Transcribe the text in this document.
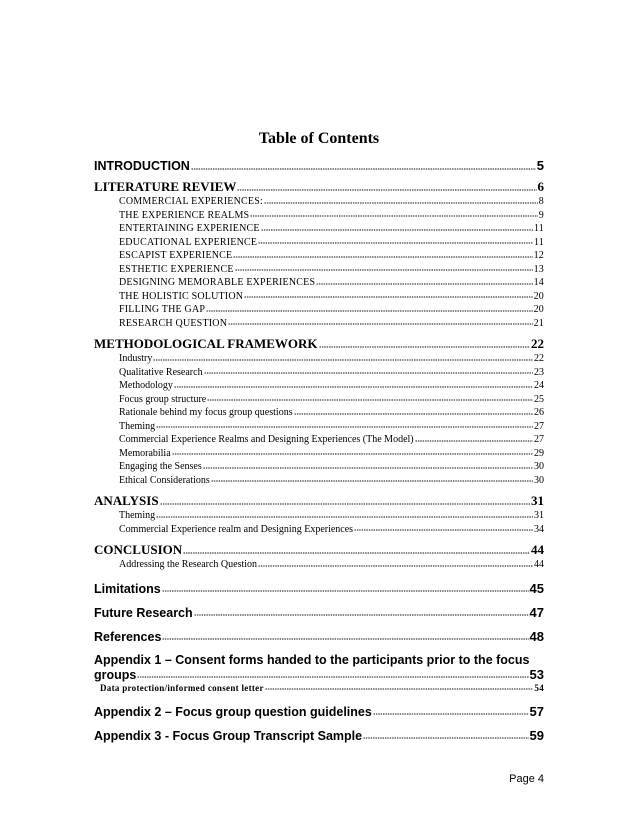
Table of Contents
INTRODUCTION	5
LITERATURE REVIEW	6
COMMERCIAL EXPERIENCES:	8
THE EXPERIENCE REALMS	9
ENTERTAINING EXPERIENCE	11
EDUCATIONAL EXPERIENCE	11
ESCAPIST EXPERIENCE	12
ESTHETIC EXPERIENCE	13
DESIGNING MEMORABLE EXPERIENCES	14
THE HOLISTIC SOLUTION	20
FILLING THE GAP	20
RESEARCH QUESTION	21
METHODOLOGICAL FRAMEWORK	22
Industry	22
Qualitative Research	23
Methodology	24
Focus group structure	25
Rationale behind my focus group questions	26
Theming	27
Commercial Experience Realms and Designing Experiences (The Model)	27
Memorabilia	29
Engaging the Senses	30
Ethical Considerations	30
ANALYSIS	31
Theming	31
Commercial Experience realm and Designing Experiences	34
CONCLUSION	44
Addressing the Research Question	44
Limitations	45
Future Research	47
References	48
Appendix 1 – Consent forms handed to the participants prior to the focus
groups	53
Data protection/informed consent letter	54
Appendix 2 – Focus group question guidelines	57
Appendix 3 - Focus Group Transcript Sample	59
Page 4
